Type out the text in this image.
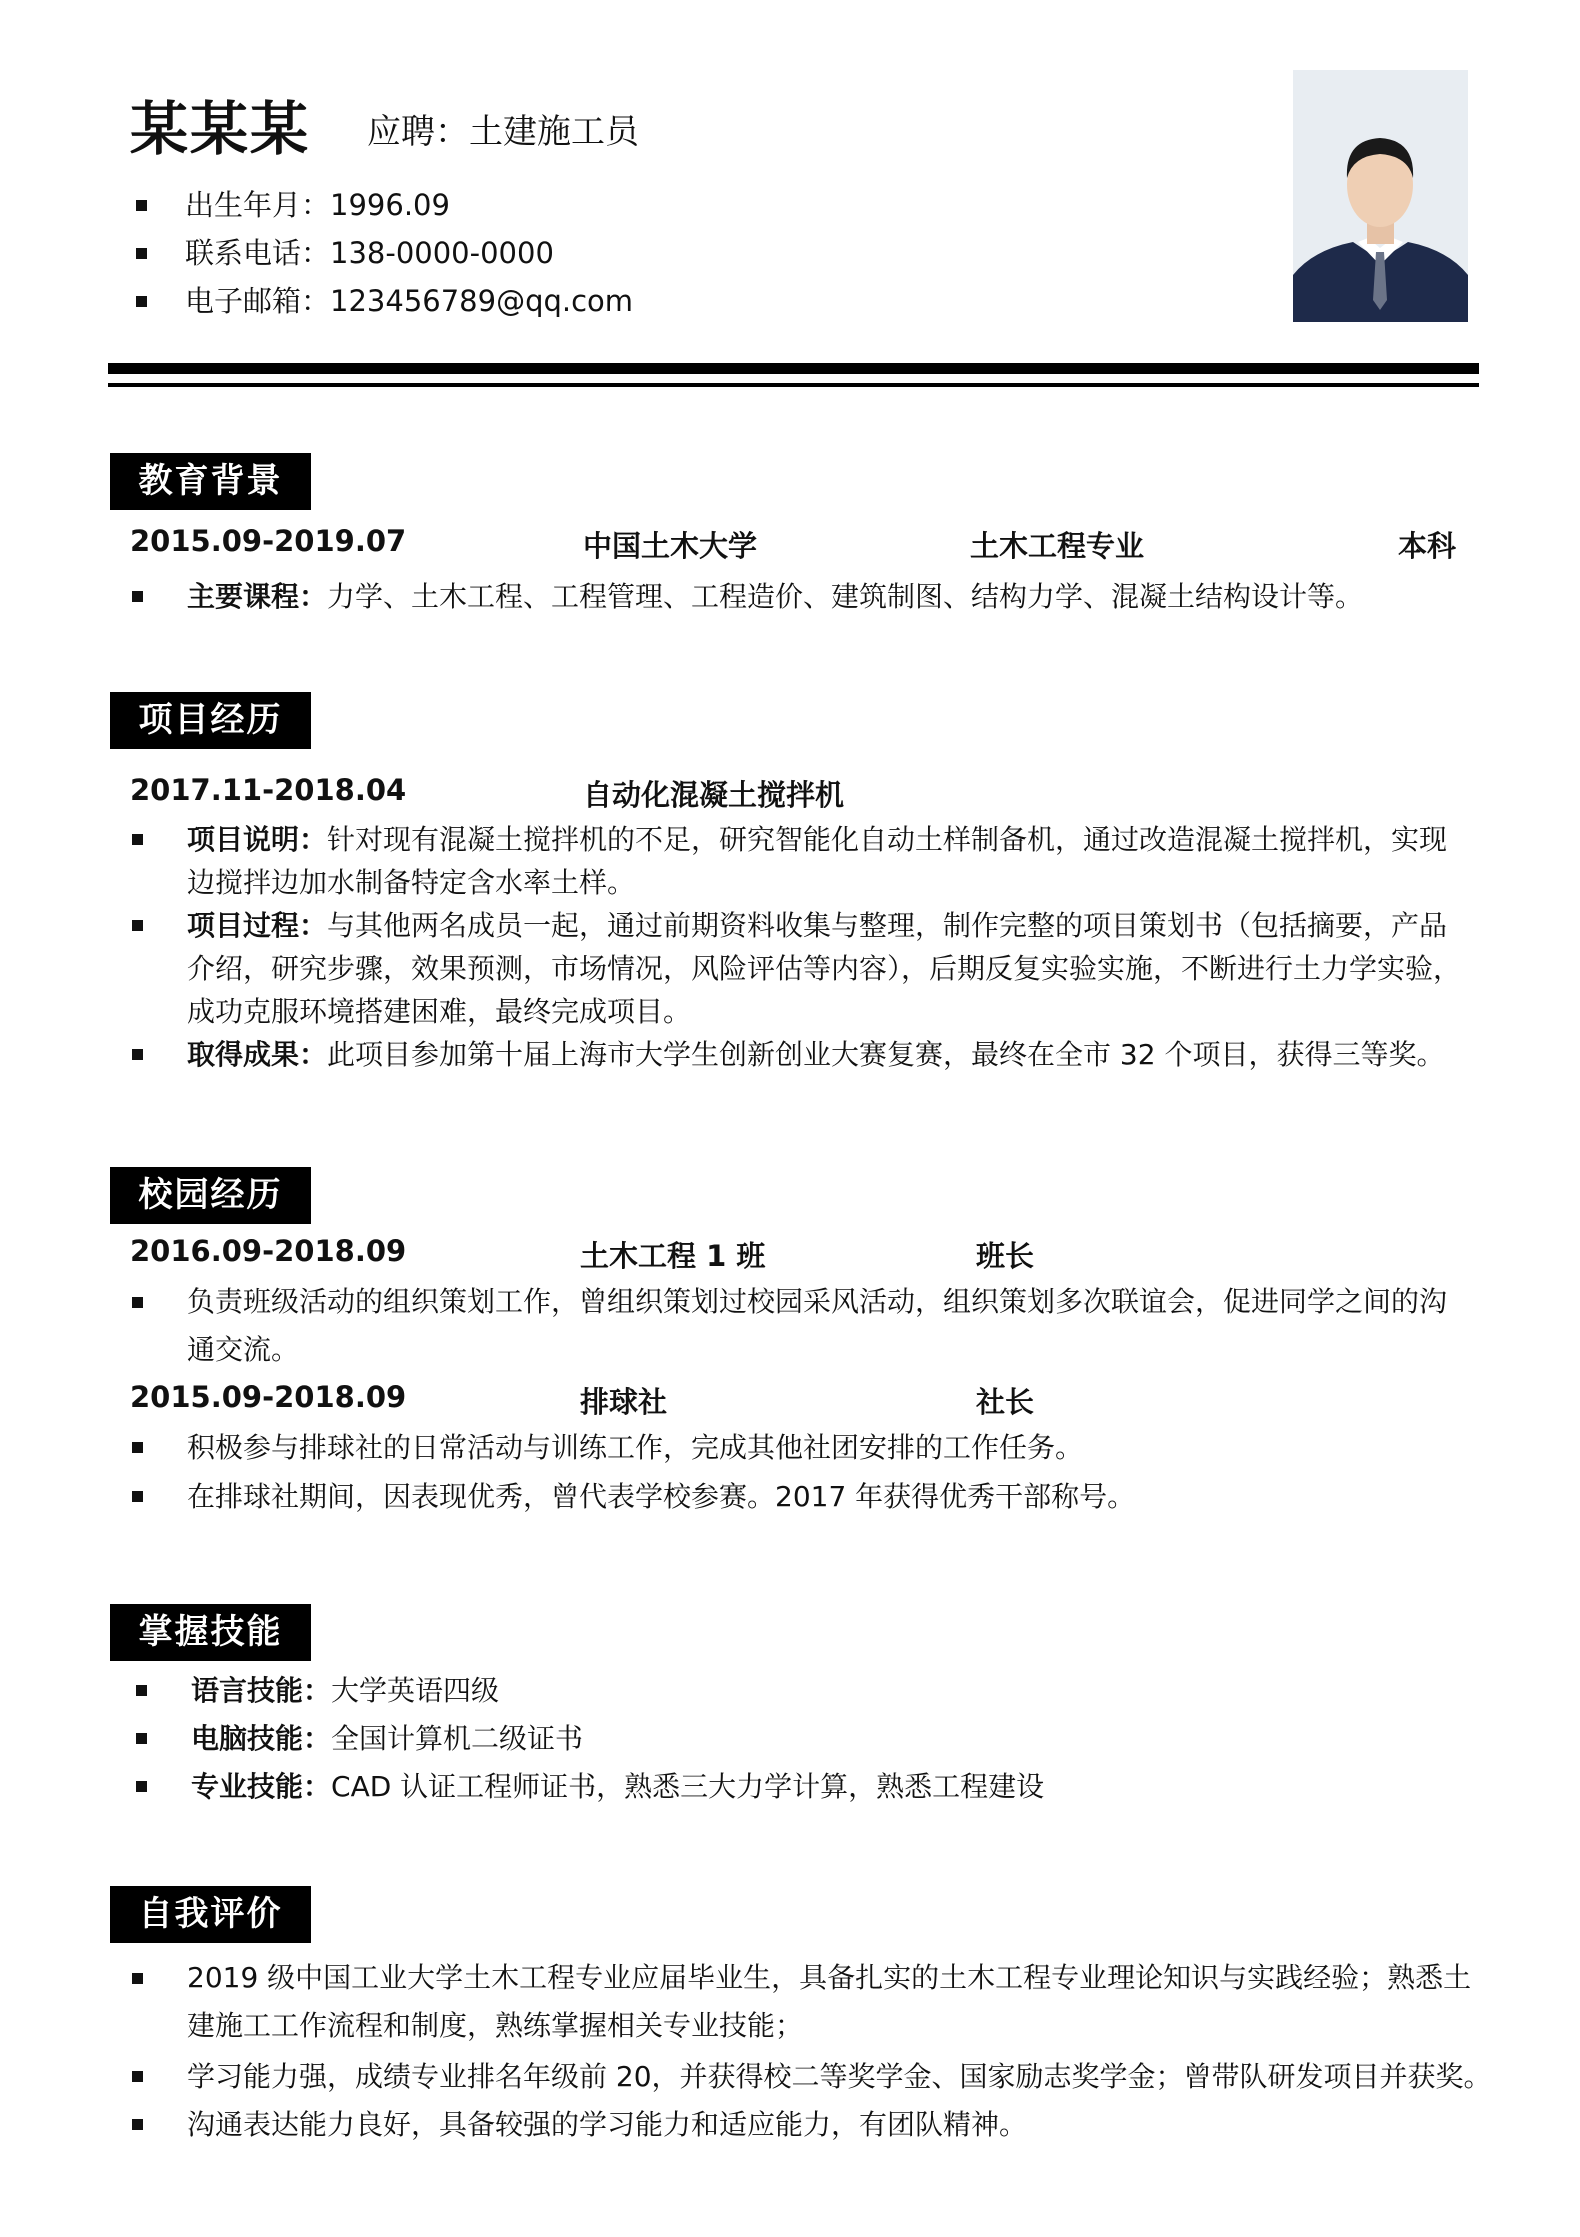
某某某 应聘：土建施工员
出生年月：1996.09
联系电话：138-0000-0000
电子邮箱：123456789@qq.com
教育背景
2015.09-2019.07	中国土木大学	土木工程专业	本科
主要课程：力学、土木工程、工程管理、工程造价、建筑制图、结构力学、混凝土结构设计等。
项目经历
2017.11-2018.04	自动化混凝土搅拌机
项目说明：针对现有混凝土搅拌机的不足，研究智能化自动土样制备机，通过改造混凝土搅拌机，实现
边搅拌边加水制备特定含水率土样。
项目过程：与其他两名成员一起，通过前期资料收集与整理，制作完整的项目策划书（包括摘要，产品
介绍，研究步骤，效果预测，市场情况，风险评估等内容），后期反复实验实施，不断进行土力学实验，
成功克服环境搭建困难，最终完成项目。
取得成果：此项目参加第十届上海市大学生创新创业大赛复赛，最终在全市 32 个项目，获得三等奖。
校园经历
2016.09-2018.09	土木工程 1 班	班长
负责班级活动的组织策划工作，曾组织策划过校园采风活动，组织策划多次联谊会，促进同学之间的沟
通交流。
2015.09-2018.09	排球社	社长
积极参与排球社的日常活动与训练工作，完成其他社团安排的工作任务。
在排球社期间，因表现优秀，曾代表学校参赛。2017 年获得优秀干部称号。
掌握技能
语言技能：大学英语四级
电脑技能：全国计算机二级证书
专业技能：CAD 认证工程师证书，熟悉三大力学计算，熟悉工程建设
自我评价
2019 级中国工业大学土木工程专业应届毕业生，具备扎实的土木工程专业理论知识与实践经验；熟悉土
建施工工作流程和制度，熟练掌握相关专业技能；
学习能力强，成绩专业排名年级前 20，并获得校二等奖学金、国家励志奖学金；曾带队研发项目并获奖。
沟通表达能力良好，具备较强的学习能力和适应能力，有团队精神。
